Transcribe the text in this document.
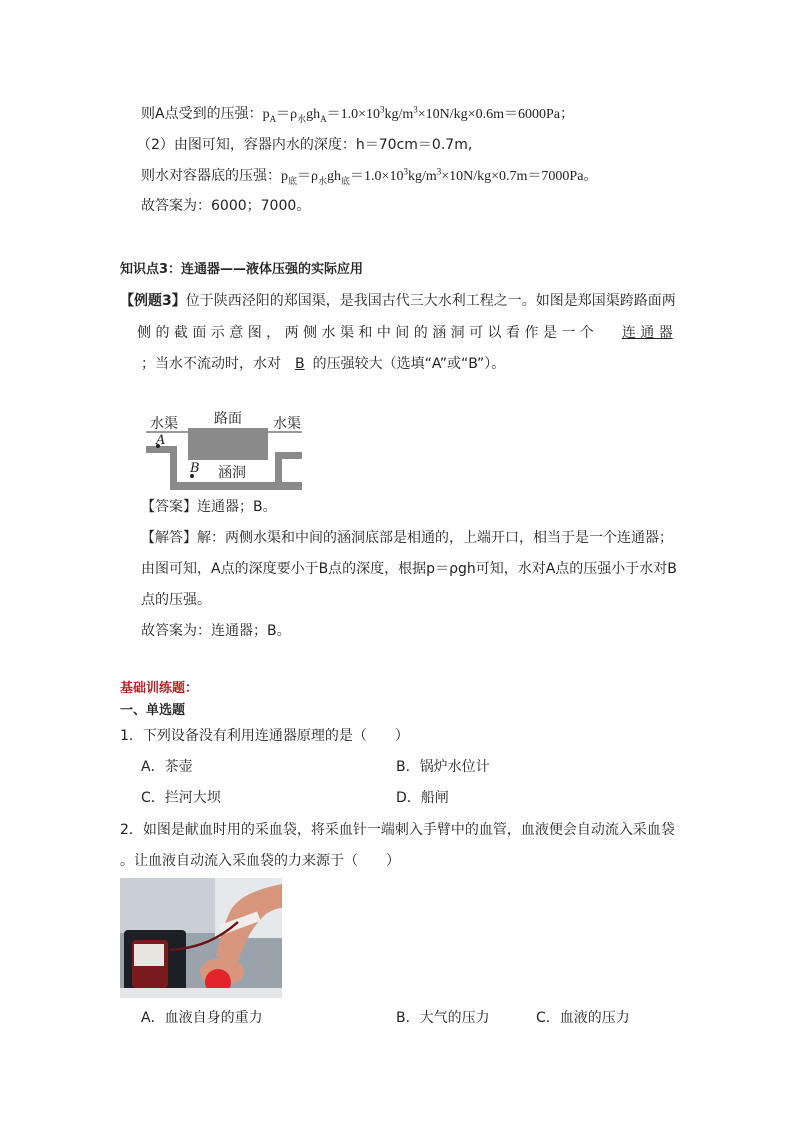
则A点受到的压强：$p_A=\rho_水gh_A=1.0\times 10^3kg/m^3\times 10N/kg\times 0.6m=6000Pa$；
（2）由图可知，容器内水的深度：h＝70cm＝0.7m,
则水对容器底的压强：$p_底=\rho_水gh_底=1.0\times 10^3kg/m^3\times 10N/kg\times 0.7m=7000Pa$。
故答案为：6000；7000。
知识点3：连通器——液体压强的实际应用
【例题3】位于陕西泾阳的郑国渠，是我国古代三大水利工程之一。如图是郑国渠跨路面两
侧 的 截 面 示 意 图 ， 两 侧 水 渠 和 中 间 的 涵 洞 可 以 看 作 是 一 个 连 通 器
；当水不流动时，水对 B 的压强较大（选填“A”或“B”）。
水渠	路面 水渠
A
B 涵洞
【答案】连通器；B。
【解答】解：两侧水渠和中间的涵洞底部是相通的，上端开口，相当于是一个连通器；
由图可知，A点的深度要小于B点的深度，根据p＝ρgh可知，水对A点的压强小于水对B
点的压强。
故答案为：连通器；B。
基础训练题：
一、单选题
1．下列设备没有利用连通器原理的是（　　）
A．茶壶	B．锅炉水位计
C．拦河大坝	D．船闸
2．如图是献血时用的采血袋，将采血针一端刺入手臂中的血管，血液便会自动流入采血袋
。让血液自动流入采血袋的力来源于（　　）
A．血液自身的重力	B．大气的压力	C．血液的压力
